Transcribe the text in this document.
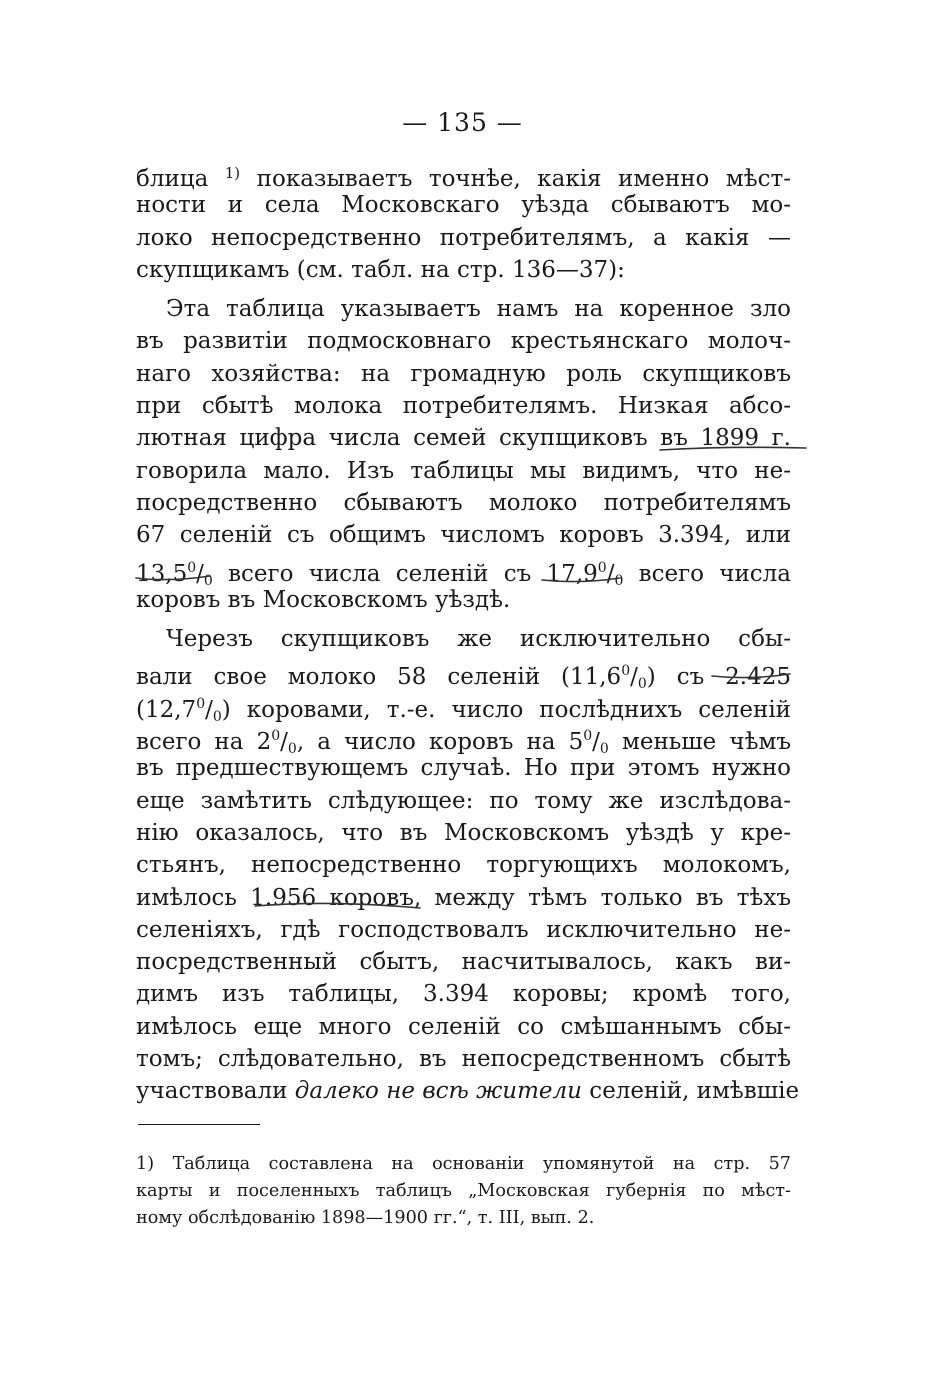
— 135 —
блица $^{1)}$ показываетъ точнѣе, какія именно мѣст-
ности и села Московскаго уѣзда сбываютъ мо-
локо непосредственно потребителямъ, а какія —
скупщикамъ (см. табл. на стр. 136—37):
Эта таблица указываетъ намъ на коренное зло
въ развитіи подмосковнаго крестьянскаго молоч-
наго хозяйства: на громадную роль скупщиковъ
при сбытѣ молока потребителямъ. Низкая абсо-
лютная цифра числа семей скупщиковъ въ 1899 г.
говорила мало. Изъ таблицы мы видимъ, что не-
посредственно сбываютъ молоко потребителямъ
67 селеній съ общимъ числомъ коровъ 3.394, или
13,5$^0$/0 всего числа селеній съ 17,9$^0$/0 всего числа
коровъ въ Московскомъ уѣздѣ.
Черезъ скупщиковъ же исключительно сбы-
вали свое молоко 58 селеній (11,6$^0$/0) съ 2.425
(12,7$^0$/0) коровами, т.-е. число послѣднихъ селеній
всего на $2^0/0$, а число коровъ на $5^0/0$ меньше чѣмъ
въ предшествующемъ случаѣ. Но при этомъ нужно
еще замѣтить слѣдующее: по тому же изслѣдова-
нію оказалось, что въ Московскомъ уѣздѣ у кре-
стьянъ, непосредственно торгующихъ молокомъ,
имѣлось 1.956 коровъ, между тѣмъ только въ тѣхъ
селеніяхъ, гдѣ господствовалъ исключительно не-
посредственный сбытъ, насчитывалось, какъ ви-
димъ изъ таблицы, 3.394 коровы; кромѣ того,
имѣлось еще много селеній со смѣшаннымъ сбы-
томъ; слѣдовательно, въ непосредственномъ сбытѣ
участвовали далеко не всѣ жители селеній, имѣвшіе
1) Таблица составлена на основаніи упомянутой на стр. 57
карты и поселенныхъ таблицъ „Московская губернія по мѣст-
ному обслѣдованію 1898—1900 гг.“, т. III, вып. 2.
